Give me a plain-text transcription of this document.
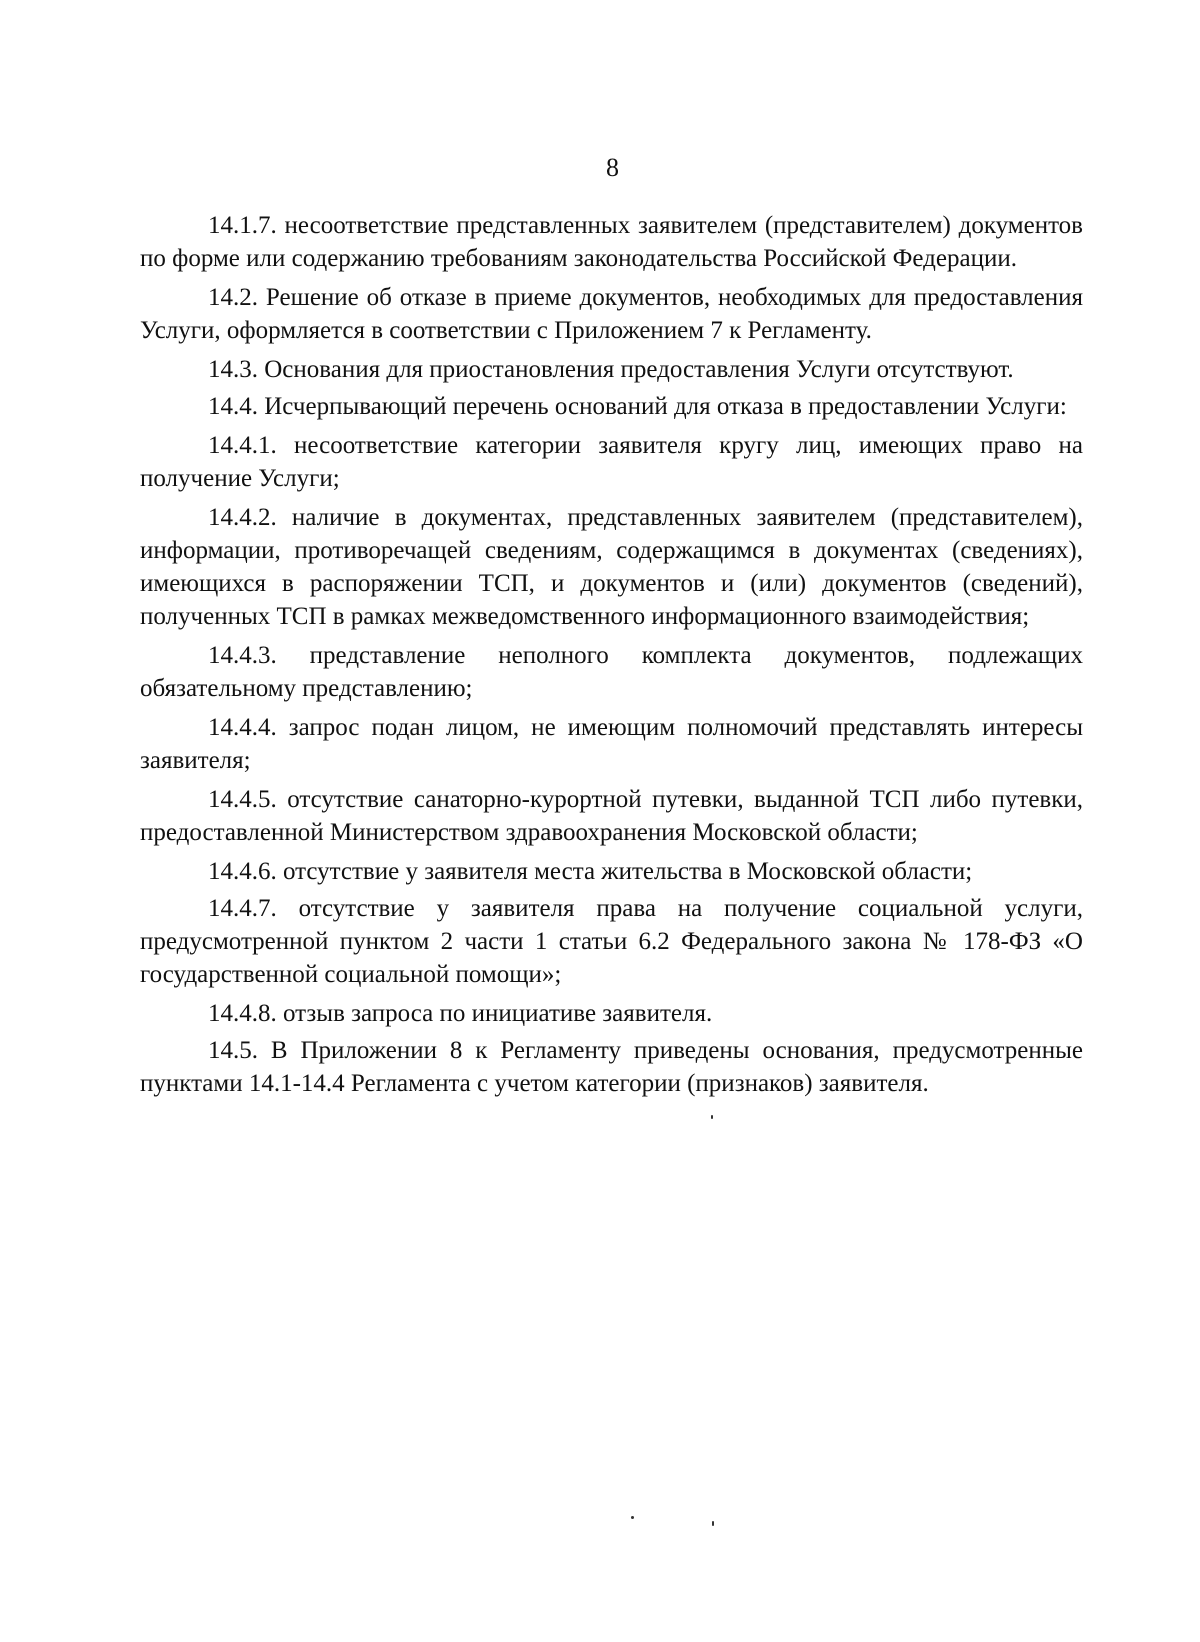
8

14.1.7. несоответствие представленных заявителем (представителем) документов по форме или содержанию требованиям законодательства Российской Федерации.

14.2. Решение об отказе в приеме документов, необходимых для предоставления Услуги, оформляется в соответствии с Приложением 7 к Регламенту.

14.3. Основания для приостановления предоставления Услуги отсутствуют.

14.4. Исчерпывающий перечень оснований для отказа в предоставлении Услуги:

14.4.1. несоответствие категории заявителя кругу лиц, имеющих право на получение Услуги;

14.4.2. наличие в документах, представленных заявителем (представителем), информации, противоречащей сведениям, содержащимся в документах (сведениях), имеющихся в распоряжении ТСП, и документов и (или) документов (сведений), полученных ТСП в рамках межведомственного информационного взаимодействия;

14.4.3. представление неполного комплекта документов, подлежащих обязательному представлению;

14.4.4. запрос подан лицом, не имеющим полномочий представлять интересы заявителя;

14.4.5. отсутствие санаторно-курортной путевки, выданной ТСП либо путевки, предоставленной Министерством здравоохранения Московской области;

14.4.6. отсутствие у заявителя места жительства в Московской области;

14.4.7. отсутствие у заявителя права на получение социальной услуги, предусмотренной пунктом 2 части 1 статьи 6.2 Федерального закона № 178-ФЗ «О государственной социальной помощи»;

14.4.8. отзыв запроса по инициативе заявителя.

14.5. В Приложении 8 к Регламенту приведены основания, предусмотренные пунктами 14.1-14.4 Регламента с учетом категории (признаков) заявителя.
